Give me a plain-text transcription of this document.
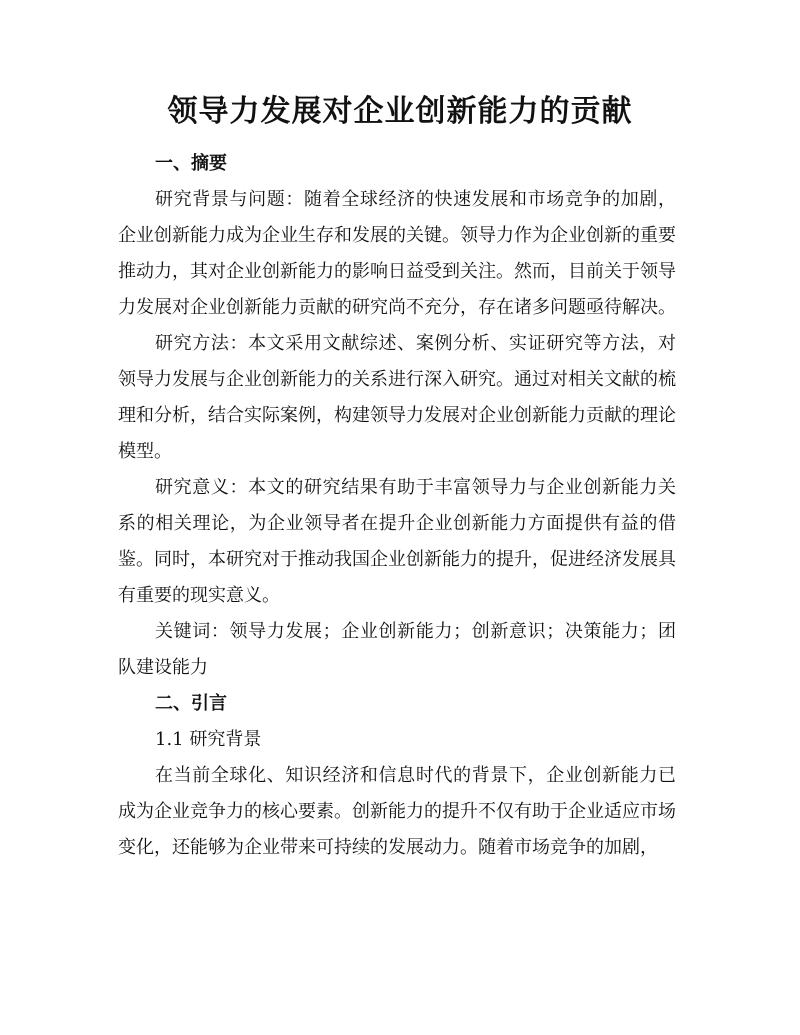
领导力发展对企业创新能力的贡献
一、摘要

研究背景与问题：随着全球经济的快速发展和市场竞争的加剧，企业创新能力成为企业生存和发展的关键。领导力作为企业创新的重要推动力，其对企业创新能力的影响日益受到关注。然而，目前关于领导力发展对企业创新能力贡献的研究尚不充分，存在诸多问题亟待解决。

研究方法：本文采用文献综述、案例分析、实证研究等方法，对领导力发展与企业创新能力的关系进行深入研究。通过对相关文献的梳理和分析，结合实际案例，构建领导力发展对企业创新能力贡献的理论模型。

研究意义：本文的研究结果有助于丰富领导力与企业创新能力关系的相关理论，为企业领导者在提升企业创新能力方面提供有益的借鉴。同时，本研究对于推动我国企业创新能力的提升，促进经济发展具有重要的现实意义。

关键词：领导力发展；企业创新能力；创新意识；决策能力；团队建设能力

二、引言
1.1 研究背景

在当前全球化、知识经济和信息时代的背景下，企业创新能力已成为企业竞争力的核心要素。创新能力的提升不仅有助于企业适应市场变化，还能够为企业带来可持续的发展动力。随着市场竞争的加剧，
